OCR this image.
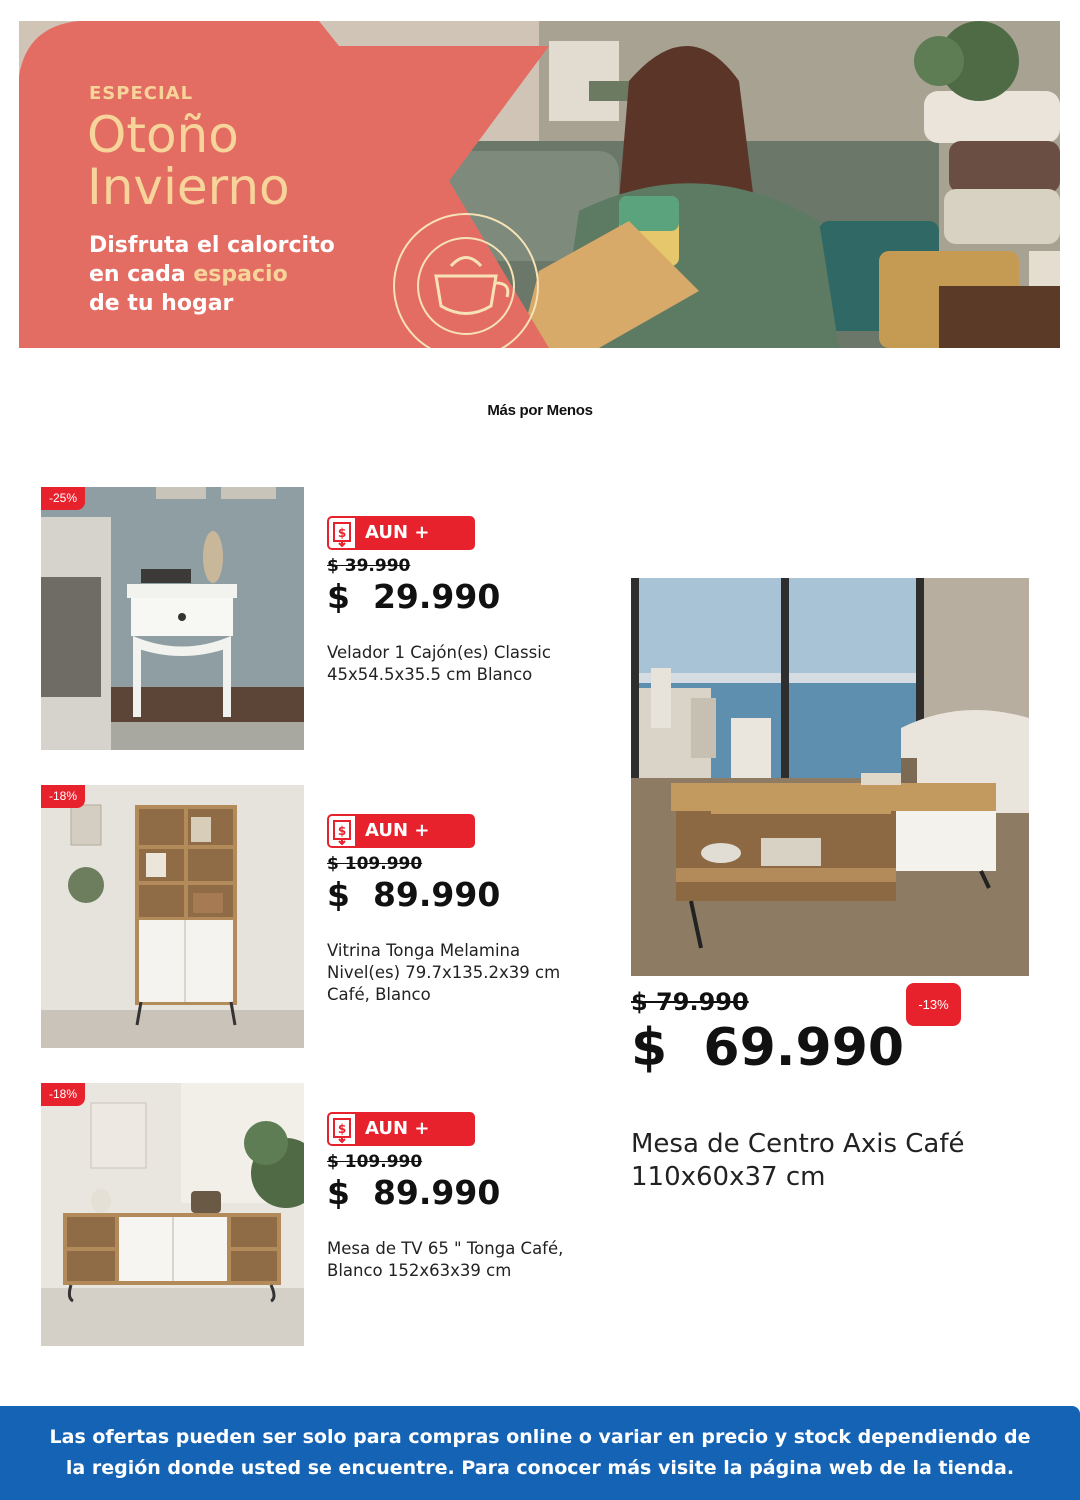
ESPECIAL
Otoño
Invierno
Disfruta el calorcito
en cada espacio
de tu hogar
Más por Menos
-25%
$ AUN +
$ 39.990
$  29.990
Velador 1 Cajón(es) Classic 45x54.5x35.5 cm Blanco
-18%
$ AUN +
$ 109.990
$  89.990
Vitrina Tonga Melamina Nivel(es) 79.7x135.2x39 cm Café, Blanco
-18%
$ AUN +
$ 109.990
$  89.990
Mesa de TV 65 " Tonga Café, Blanco 152x63x39 cm
$ 79.990	-13%
$  69.990
Mesa de Centro Axis Café 110x60x37 cm
Las ofertas pueden ser solo para compras online o variar en precio y stock dependiendo de la región donde usted se encuentre. Para conocer más visite la página web de la tienda.
